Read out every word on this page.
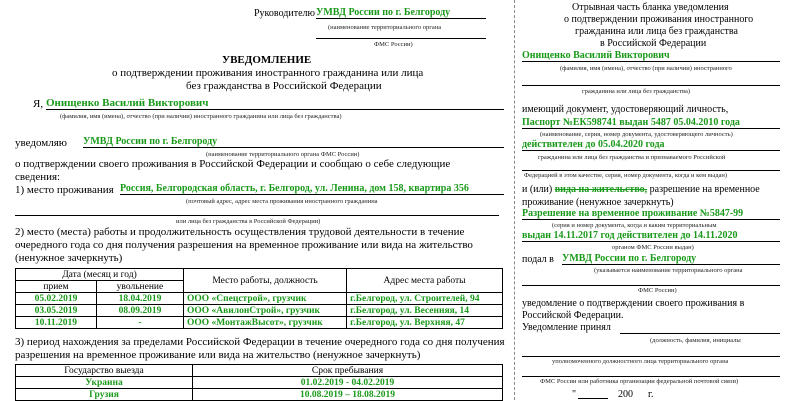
Руководителю УМВД России по г. Белгороду
(наименование территориального органа
ФМС России)
УВЕДОМЛЕНИЕ
о подтверждении проживания иностранного гражданина или лица
без гражданства в Российской Федерации
Я, Онищенко Василий Викторович
(фамилия, имя (имена), отчество (при наличии) иностранного гражданина или лица без гражданства)
уведомляю УМВД России по г. Белгороду
(наименование территориального органа ФМС России)
о подтверждении своего проживания в Российской Федерации и сообщаю о себе следующие
сведения:
1) место проживания Россия, Белгородская область, г. Белгород, ул. Ленина, дом 158, квартира 356
(почтовый адрес, адрес места проживания иностранного гражданина
или лица без гражданства в Российской Федерации)
2) место (места) работы и продолжительность осуществления трудовой деятельности в течение
очередного года со дня получения разрешения на временное проживание или вида на жительство
(ненужное зачеркнуть)
Дата (месяц и год)		Место работы, должность	Адрес места работы
прием	увольнение		
05.02.2019	18.04.2019	ООО «Спецстрой», грузчик	г.Белгород, ул. Строителей, 94
03.05.2019	08.09.2019	ООО «АвилонСтрой», грузчик	г.Белгород, ул. Весенняя, 14
10.11.2019	-	ООО «МонтажВысот», грузчик	г.Белгород, ул. Верхняя, 47
3) период нахождения за пределами Российской Федерации в течение очередного года со дня получения
разрешения на временное проживание или вида на жительство (ненужное зачеркнуть)
Государство выезда	Срок пребывания
Украина	01.02.2019 - 04.02.2019
Грузия	10.08.2019 – 18.08.2019
Отрывная часть бланка уведомления
о подтверждении проживания иностранного
гражданина или лица без гражданства
в Российской Федерации
Онищенко Василий Викторович
(фамилия, имя (имена), отчество (при наличии) иностранного
гражданина или лица без гражданства)
имеющий документ, удостоверяющий личность,
Паспорт №ЕК598741 выдан 5487 05.04.2010 года
(наименование, серия, номер документа, удостоверяющего личность)
действителен до 05.04.2020 года
гражданина или лица без гражданства и признаваемого Российской
Федерацией в этом качестве, серия, номер документа, когда и кем выдан)
и (или) вида на жительство, разрешение на временное
проживание (ненужное зачеркнуть)
Разрешение на временное проживание №5847-99
(серия и номер документа, когда и каким территориальным
выдан 14.11.2017 год действителен до 14.11.2020
органом ФМС России выдан)
подал в УМВД России по г. Белгороду
(указывается наименование территориального органа
ФМС России)
уведомление о подтверждении своего проживания в
Российской Федерации.
Уведомление принял
(должность, фамилия, инициалы
уполномоченного должностного лица территориального органа
ФМС России или работника организации федеральной почтовой связи)
"	200 г.
